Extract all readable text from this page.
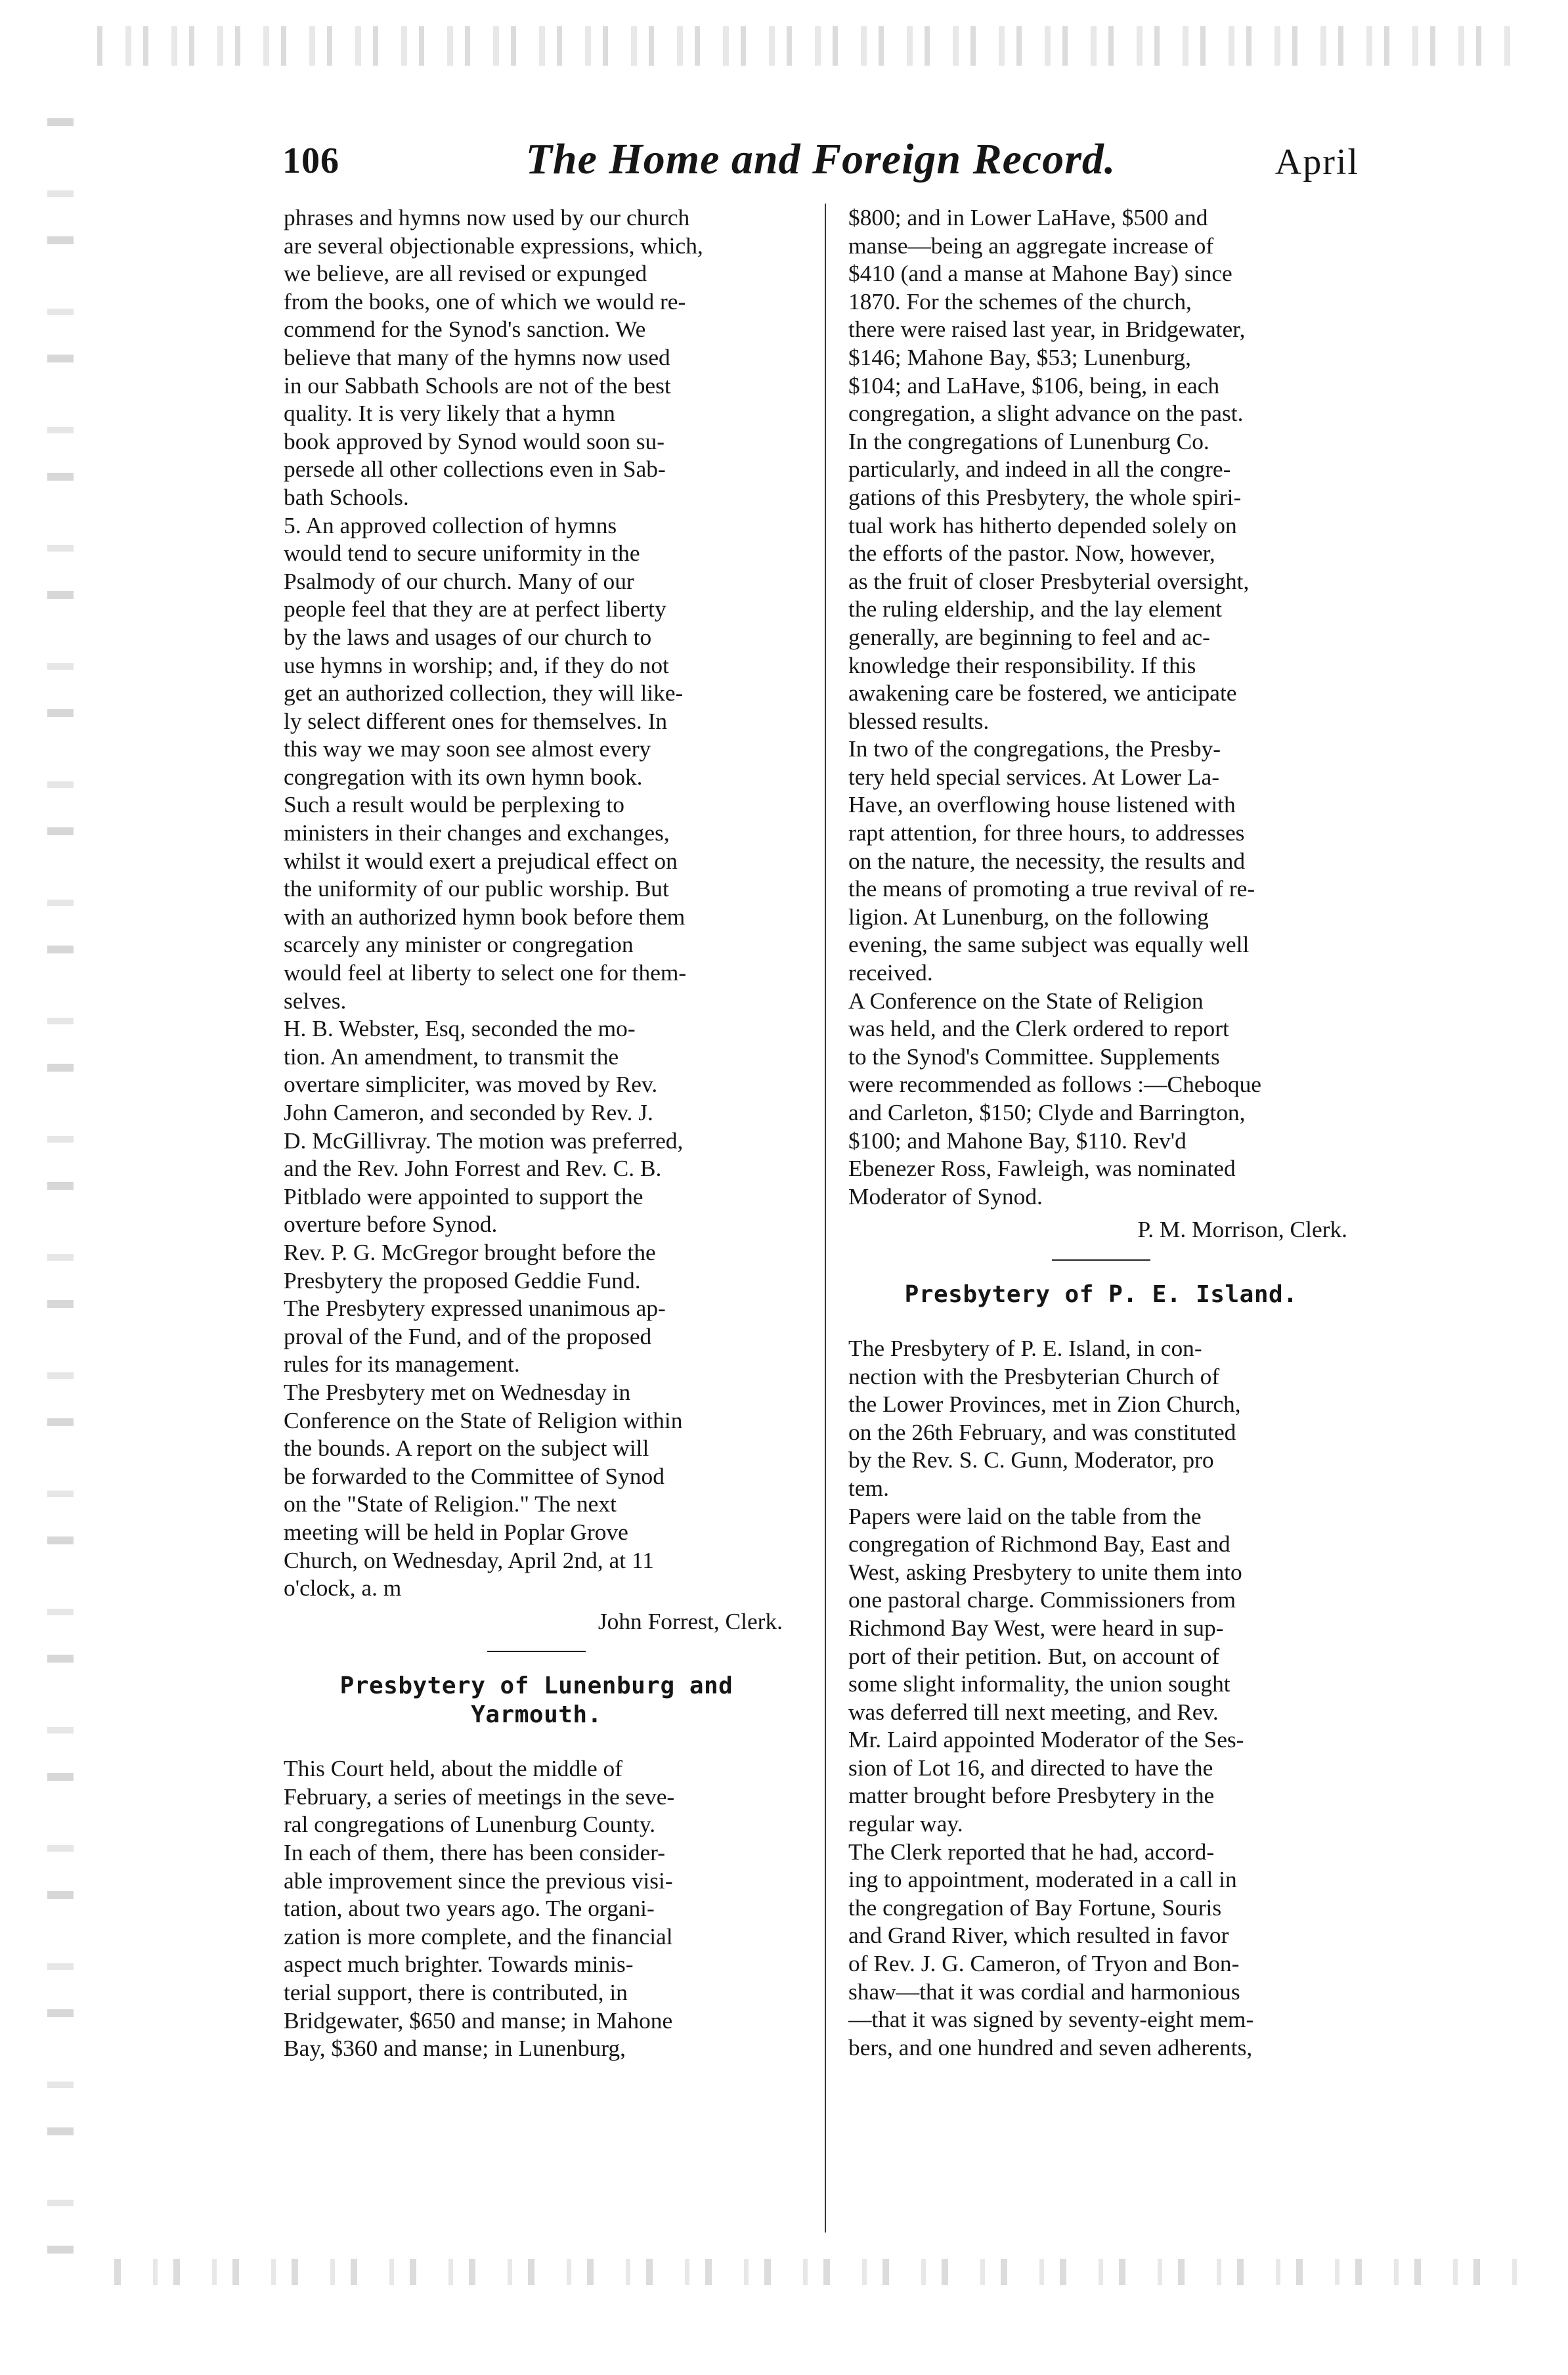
106	The Home and Foreign Record.	April

phrases and hymns now used by our church
are several objectionable expressions, which,
we believe, are all revised or expunged
from the books, one of which we would re-
commend for the Synod's sanction. We
believe that many of the hymns now used
in our Sabbath Schools are not of the best
quality. It is very likely that a hymn
book approved by Synod would soon su-
persede all other collections even in Sab-
bath Schools.

5. An approved collection of hymns
would tend to secure uniformity in the
Psalmody of our church. Many of our
people feel that they are at perfect liberty
by the laws and usages of our church to
use hymns in worship; and, if they do not
get an authorized collection, they will like-
ly select different ones for themselves. In
this way we may soon see almost every
congregation with its own hymn book.
Such a result would be perplexing to
ministers in their changes and exchanges,
whilst it would exert a prejudical effect on
the uniformity of our public worship. But
with an authorized hymn book before them
scarcely any minister or congregation
would feel at liberty to select one for them-
selves.

H. B. Webster, Esq, seconded the mo-
tion. An amendment, to transmit the
overtare simpliciter, was moved by Rev.
John Cameron, and seconded by Rev. J.
D. McGillivray. The motion was preferred,
and the Rev. John Forrest and Rev. C. B.
Pitblado were appointed to support the
overture before Synod.

Rev. P. G. McGregor brought before the
Presbytery the proposed Geddie Fund.
The Presbytery expressed unanimous ap-
proval of the Fund, and of the proposed
rules for its management.

The Presbytery met on Wednesday in
Conference on the State of Religion within
the bounds. A report on the subject will
be forwarded to the Committee of Synod
on the "State of Religion." The next
meeting will be held in Poplar Grove
Church, on Wednesday, April 2nd, at 11
o'clock, a. m

John Forrest, Clerk.

Presbytery of Lunenburg and
Yarmouth.

This Court held, about the middle of
February, a series of meetings in the seve-
ral congregations of Lunenburg County.
In each of them, there has been consider-
able improvement since the previous visi-
tation, about two years ago. The organi-
zation is more complete, and the financial
aspect much brighter. Towards minis-
terial support, there is contributed, in
Bridgewater, $650 and manse; in Mahone
Bay, $360 and manse; in Lunenburg,

$800; and in Lower LaHave, $500 and
manse—being an aggregate increase of
$410 (and a manse at Mahone Bay) since
1870. For the schemes of the church,
there were raised last year, in Bridgewater,
$146; Mahone Bay, $53; Lunenburg,
$104; and LaHave, $106, being, in each
congregation, a slight advance on the past.

In the congregations of Lunenburg Co.
particularly, and indeed in all the congre-
gations of this Presbytery, the whole spiri-
tual work has hitherto depended solely on
the efforts of the pastor. Now, however,
as the fruit of closer Presbyterial oversight,
the ruling eldership, and the lay element
generally, are beginning to feel and ac-
knowledge their responsibility. If this
awakening care be fostered, we anticipate
blessed results.

In two of the congregations, the Presby-
tery held special services. At Lower La-
Have, an overflowing house listened with
rapt attention, for three hours, to addresses
on the nature, the necessity, the results and
the means of promoting a true revival of re-
ligion. At Lunenburg, on the following
evening, the same subject was equally well
received.

A Conference on the State of Religion
was held, and the Clerk ordered to report
to the Synod's Committee. Supplements
were recommended as follows :—Cheboque
and Carleton, $150; Clyde and Barrington,
$100; and Mahone Bay, $110. Rev'd
Ebenezer Ross, Fawleigh, was nominated
Moderator of Synod.

P. M. Morrison, Clerk.

Presbytery of P. E. Island.

The Presbytery of P. E. Island, in con-
nection with the Presbyterian Church of
the Lower Provinces, met in Zion Church,
on the 26th February, and was constituted
by the Rev. S. C. Gunn, Moderator, pro
tem.

Papers were laid on the table from the
congregation of Richmond Bay, East and
West, asking Presbytery to unite them into
one pastoral charge. Commissioners from
Richmond Bay West, were heard in sup-
port of their petition. But, on account of
some slight informality, the union sought
was deferred till next meeting, and Rev.
Mr. Laird appointed Moderator of the Ses-
sion of Lot 16, and directed to have the
matter brought before Presbytery in the
regular way.

The Clerk reported that he had, accord-
ing to appointment, moderated in a call in
the congregation of Bay Fortune, Souris
and Grand River, which resulted in favor
of Rev. J. G. Cameron, of Tryon and Bon-
shaw—that it was cordial and harmonious
—that it was signed by seventy-eight mem-
bers, and one hundred and seven adherents,
